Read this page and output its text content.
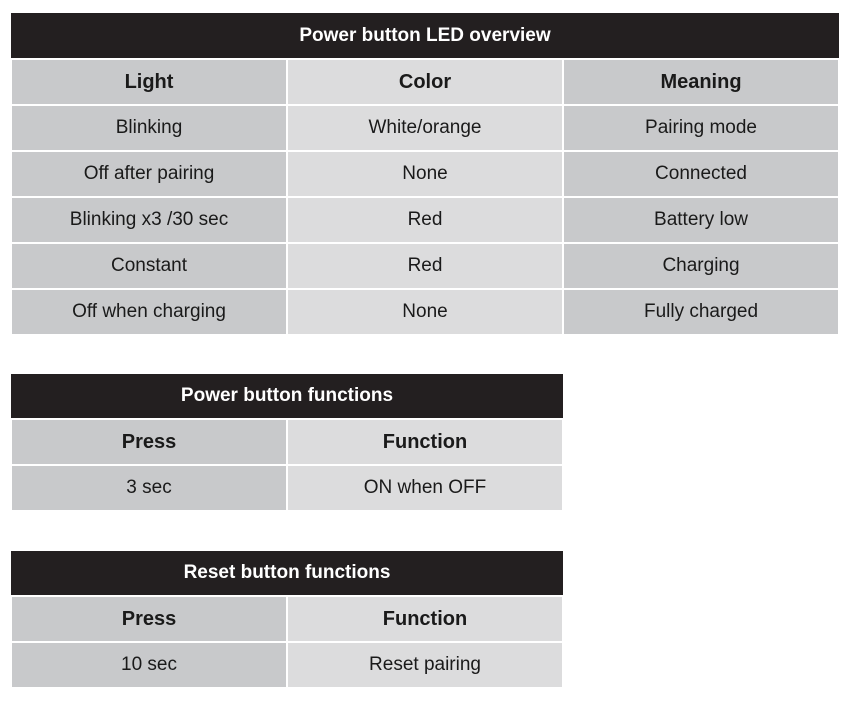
Power button LED overview		
Light	Color	Meaning
Blinking	White/orange	Pairing mode
Off after pairing	None	Connected
Blinking x3 /30 sec	Red	Battery low
Constant	Red	Charging
Off when charging	None	Fully charged
Power button functions	
Press	Function
3 sec	ON when OFF
Reset button functions	
Press	Function
10 sec	Reset pairing
